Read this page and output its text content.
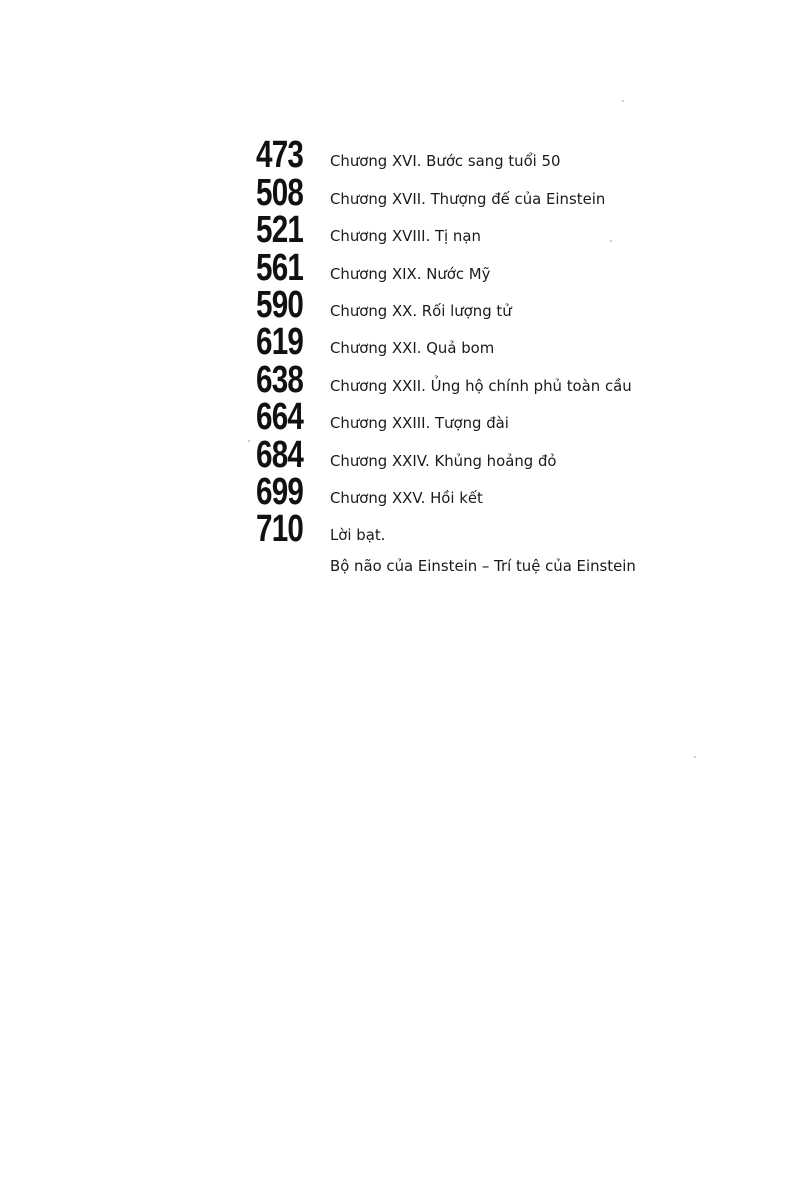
473	Chương XVI. Bước sang tuổi 50
508	Chương XVII. Thượng đế của Einstein
521	Chương XVIII. Tị nạn
561	Chương XIX. Nước Mỹ
590	Chương XX. Rối lượng tử
619	Chương XXI. Quả bom
638	Chương XXII. Ủng hộ chính phủ toàn cầu
664	Chương XXIII. Tượng đài
684	Chương XXIV. Khủng hoảng đỏ
699	Chương XXV. Hồi kết
710	Lời bạt.
Bộ não của Einstein – Trí tuệ của Einstein
